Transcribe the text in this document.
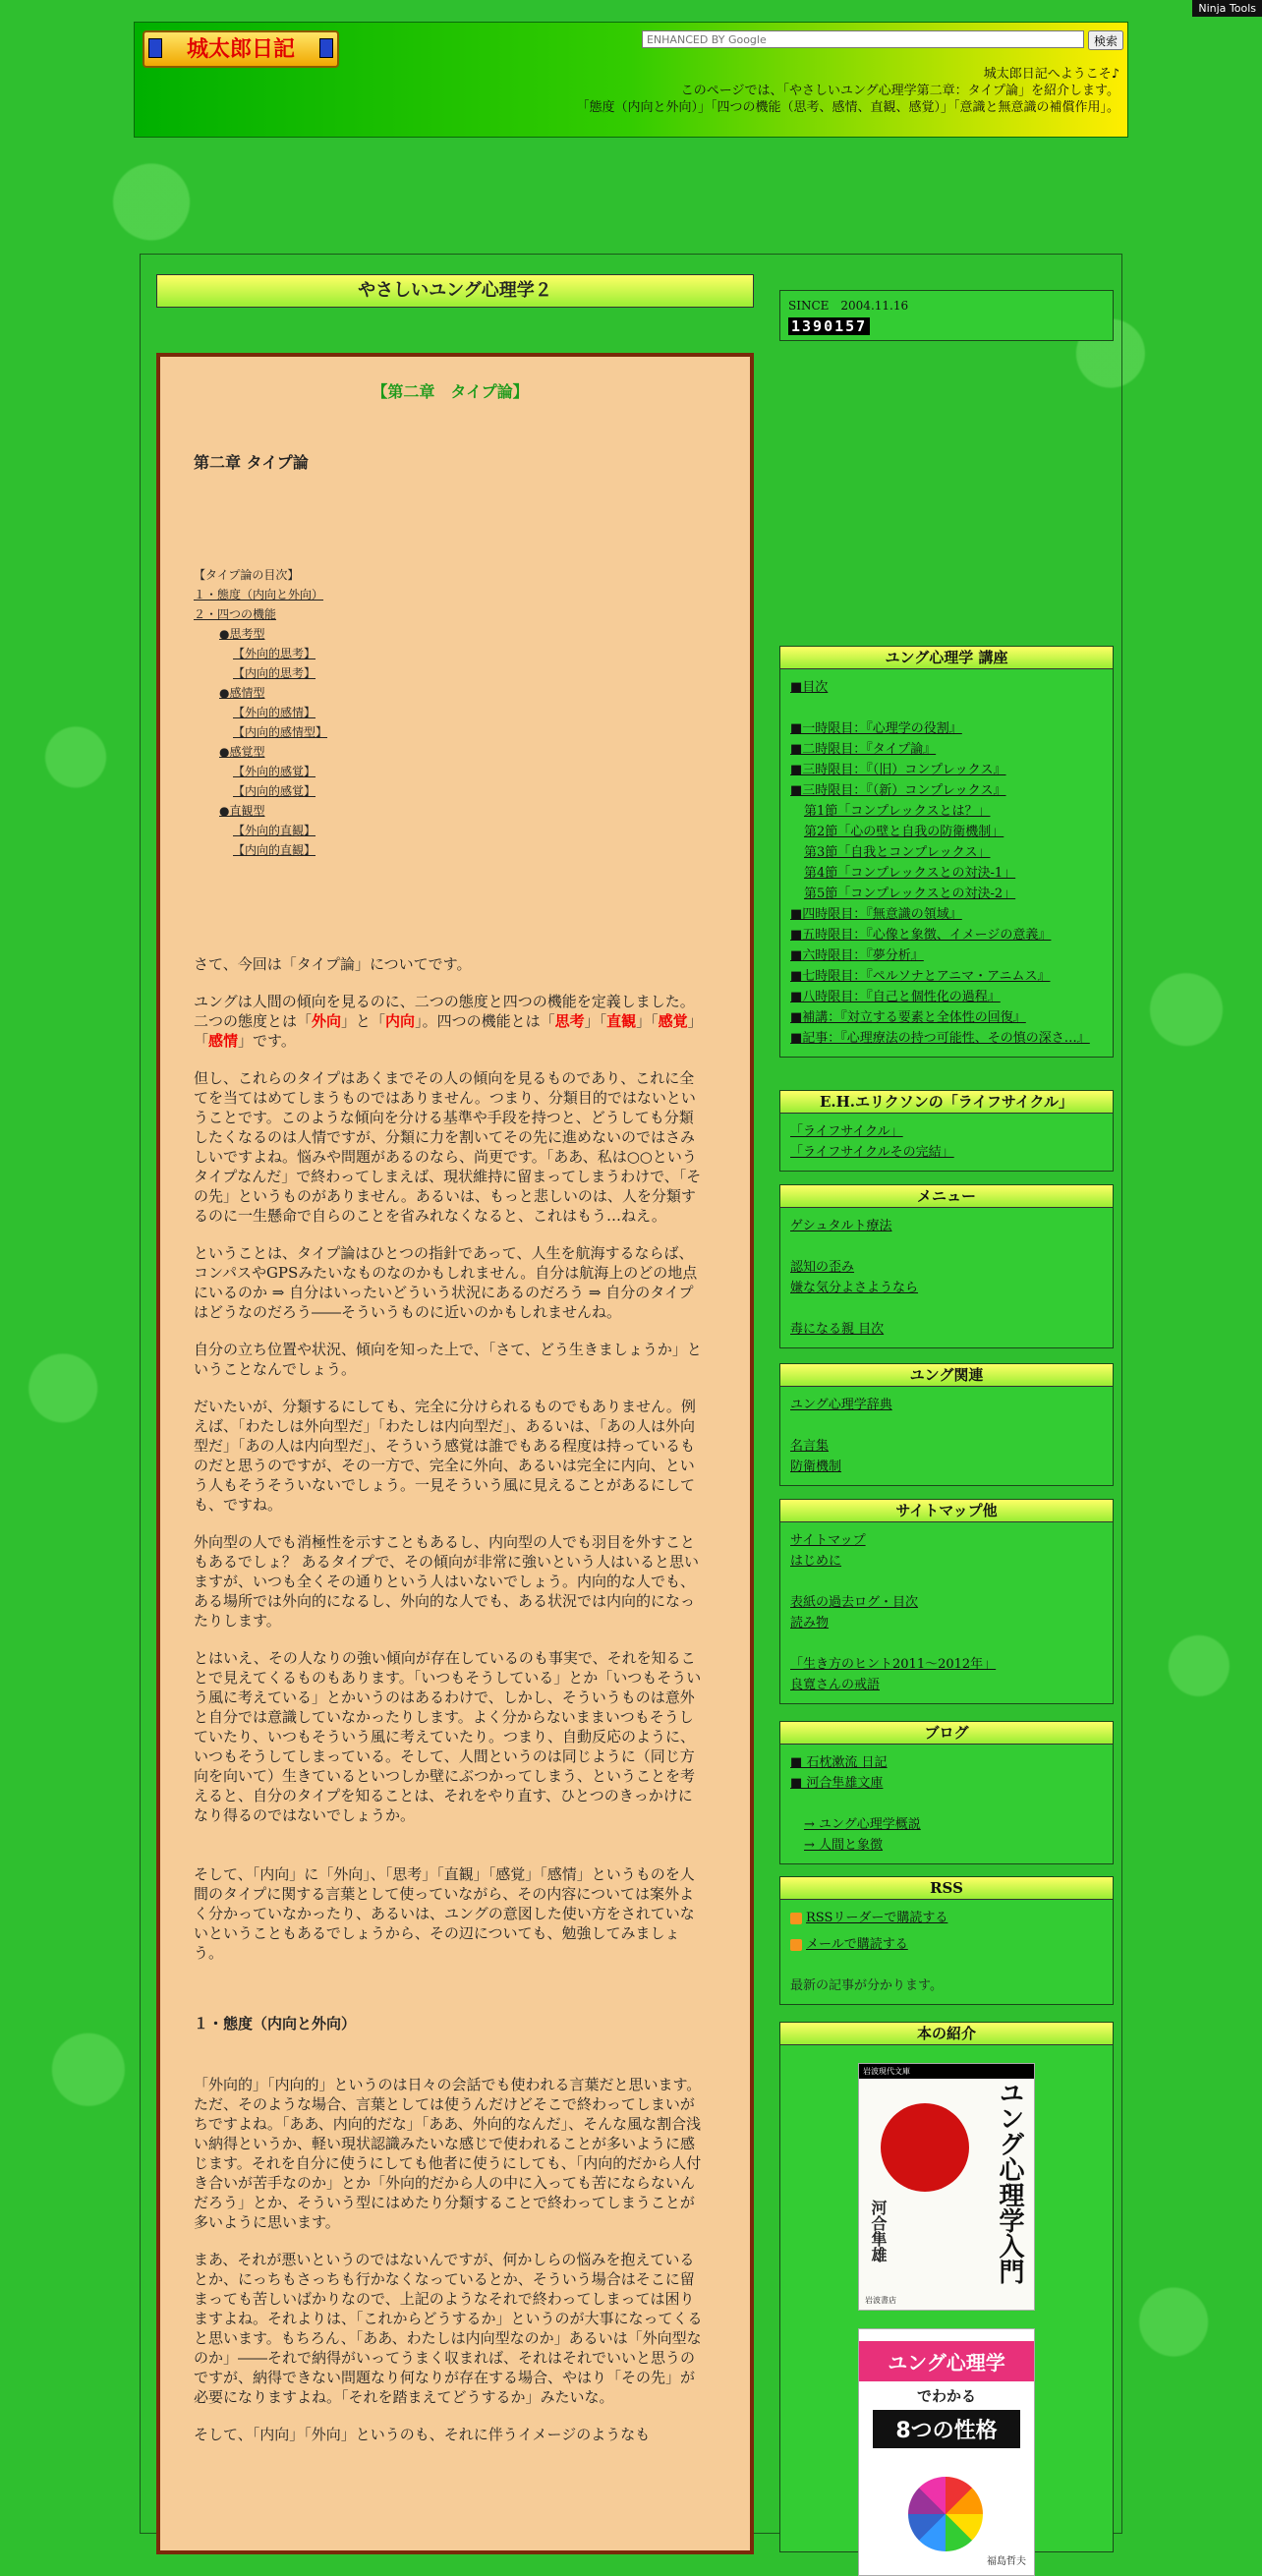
Ninja Tools
城太郎日記
ENHANCED BY Google	検索
城太郎日記へようこそ♪
このページでは、「やさしいユング心理学第二章：タイプ論」を紹介します。
「態度（内向と外向）」「四つの機能（思考、感情、直観、感覚）」「意識と無意識の補償作用」。
やさしいユング心理学２
【第二章　タイプ論】
第二章 タイプ論
【タイプ論の目次】
１・態度（内向と外向）
２・四つの機能
●思考型
【外向的思考】
【内向的思考】
●感情型
【外向的感情】
【内向的感情型】
●感覚型
【外向的感覚】
【内向的感覚】
●直観型
【外向的直観】
【内向的直観】

さて、今回は「タイプ論」についてです。

ユングは人間の傾向を見るのに、二つの態度と四つの機能を定義しました。二つの態度とは「外向」と「内向」。四つの機能とは「思考」「直観」「感覚」「感情」です。

但し、これらのタイプはあくまでその人の傾向を見るものであり、これに全てを当てはめてしまうものではありません。つまり、分類目的ではないということです。このような傾向を分ける基準や手段を持つと、どうしても分類したくなるのは人情ですが、分類に力を割いてその先に進めないのではさみしいですよね。悩みや問題があるのなら、尚更です。「ああ、私は○○というタイプなんだ」で終わってしまえば、現状維持に留まってしまうわけで、「その先」というものがありません。あるいは、もっと悲しいのは、人を分類するのに一生懸命で自らのことを省みれなくなると、これはもう…ねえ。

ということは、タイプ論はひとつの指針であって、人生を航海するならば、コンパスやGPSみたいなものなのかもしれません。自分は航海上のどの地点にいるのか ⇒ 自分はいったいどういう状況にあるのだろう ⇒ 自分のタイプはどうなのだろう――そういうものに近いのかもしれませんね。

自分の立ち位置や状況、傾向を知った上で、「さて、どう生きましょうか」ということなんでしょう。

だいたいが、分類するにしても、完全に分けられるものでもありません。例えば、「わたしは外向型だ」「わたしは内向型だ」、あるいは、「あの人は外向型だ」「あの人は内向型だ」、そういう感覚は誰でもある程度は持っているものだと思うのですが、その一方で、完全に外向、あるいは完全に内向、という人もそうそういないでしょう。一見そういう風に見えることがあるにしても、ですね。

外向型の人でも消極性を示すこともあるし、内向型の人でも羽目を外すこともあるでしょ？ あるタイプで、その傾向が非常に強いという人はいると思いますが、いつも全くその通りという人はいないでしょう。内向的な人でも、ある場所では外向的になるし、外向的な人でも、ある状況では内向的になったりします。

とはいえ、その人なりの強い傾向が存在しているのも事実で、それを知ることで見えてくるものもあります。「いつもそうしている」とか「いつもそういう風に考えている」とかいうのはあるわけで、しかし、そういうものは意外と自分では意識していなかったりします。よく分からないままいつもそうしていたり、いつもそういう風に考えていたり。つまり、自動反応のように、いつもそうしてしまっている。そして、人間というのは同じように（同じ方向を向いて）生きているといつしか壁にぶつかってしまう、ということを考えると、自分のタイプを知ることは、それをやり直す、ひとつのきっかけになり得るのではないでしょうか。

そして、「内向」に「外向」、「思考」「直観」「感覚」「感情」というものを人間のタイプに関する言葉として使っていながら、その内容については案外よく分かっていなかったり、あるいは、ユングの意図した使い方をされていないということもあるでしょうから、その辺についても、勉強してみましょう。

１・態度（内向と外向）

「外向的」「内向的」というのは日々の会話でも使われる言葉だと思います。ただ、そのような場合、言葉としては使うんだけどそこで終わってしまいがちですよね。「ああ、内向的だな」「ああ、外向的なんだ」、そんな風な割合浅い納得というか、軽い現状認識みたいな感じで使われることが多いように感じます。それを自分に使うにしても他者に使うにしても、「内向的だから人付き合いが苦手なのか」とか「外向的だから人の中に入っても苦にならないんだろう」とか、そういう型にはめたり分類することで終わってしまうことが多いように思います。

まあ、それが悪いというのではないんですが、何かしらの悩みを抱えているとか、にっちもさっちも行かなくなっているとか、そういう場合はそこに留まっても苦しいばかりなので、上記のようなそれで終わってしまっては困りますよね。それよりは、「これからどうするか」というのが大事になってくると思います。もちろん、「ああ、わたしは内向型なのか」あるいは「外向型なのか」――それで納得がいってうまく収まれば、それはそれでいいと思うのですが、納得できない問題なり何なりが存在する場合、やはり「その先」が必要になりますよね。「それを踏まえてどうするか」みたいな。

そして、「内向」「外向」というのも、それに伴うイメージのようなも

SINCE　2004.11.16
1390157
ユング心理学 講座
■目次
■一時限目：『心理学の役割』
■二時限目：『タイプ論』
■三時限目：『（旧）コンプレックス』
■三時限目：『（新）コンプレックス』
第1節「コンプレックスとは？」
第2節「心の壁と自我の防衛機制」
第3節「自我とコンプレックス」
第4節「コンプレックスとの対決-1」
第5節「コンプレックスとの対決-2」
■四時限目：『無意識の領域』
■五時限目：『心像と象徴、イメージの意義』
■六時限目：『夢分析』
■七時限目：『ペルソナとアニマ・アニムス』
■八時限目：『自己と個性化の過程』
■補講：『対立する要素と全体性の回復』
■記事：『心理療法の持つ可能性、その慎の深さ…』
E.H.エリクソンの「ライフサイクル」
「ライフサイクル」
「ライフサイクルその完結」
メニュー
ゲシュタルト療法
認知の歪み
嫌な気分よさようなら
毒になる親 目次
ユング関連
ユング心理学辞典
名言集
防衛機制
サイトマップ他
サイトマップ
はじめに
表紙の過去ログ・目次
読み物
「生き方のヒント2011～2012年」
良寛さんの戒語
ブログ
■ 石枕漱流 日記
■ 河合隼雄文庫
→ ユング心理学概説
→ 人間と象徴
RSS
RSSリーダーで購読する
メールで購読する
最新の記事が分かります。
本の紹介
岩波現代文庫
ユング心理学入門
岩波書店
河合隼雄
ユング心理学
でわかる
8つの性格
福島哲夫
